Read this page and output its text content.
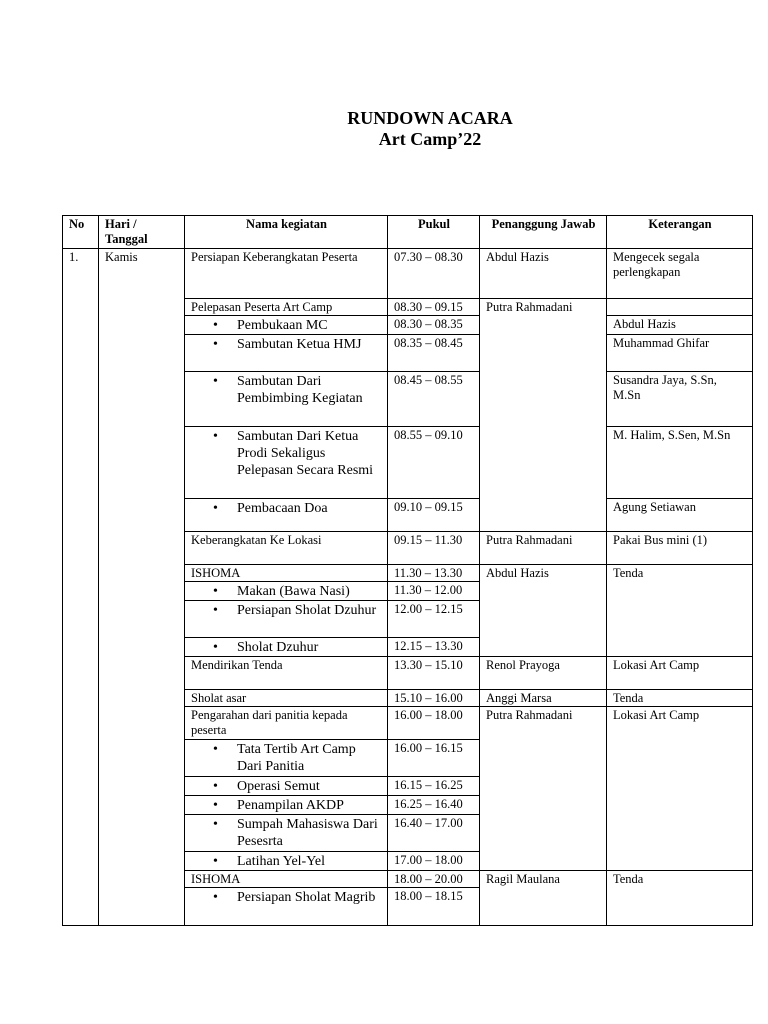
RUNDOWN ACARA
Art Camp’22
No	Hari / Tanggal	Nama kegiatan	Pukul	Penanggung Jawab	Keterangan
1.	Kamis	Persiapan Keberangkatan Peserta	07.30 – 08.30	Abdul Hazis	Mengecek segala perlengkapan
		Pelepasan Peserta Art Camp	08.30 – 09.15	Putra Rahmadani	

		• Pembukaan MC	08.30 – 08.35		Abdul Hazis

		• Sambutan Ketua HMJ	08.35 – 08.45		Muhammad Ghifar

		• Sambutan Dari Pembimbing Kegiatan	08.45 – 08.55		Susandra Jaya, S.Sn, M.Sn

		• Sambutan Dari Ketua Prodi Sekaligus Pelepasan Secara Resmi	08.55 – 09.10		M. Halim, S.Sen, M.Sn

		• Pembacaan Doa	09.10 – 09.15		Agung Setiawan
		Keberangkatan Ke Lokasi	09.15 – 11.30	Putra Rahmadani	Pakai Bus mini (1)
		ISHOMA	11.30 – 13.30	Abdul Hazis	Tenda

		• Makan (Bawa Nasi)	11.30 – 12.00		

		• Persiapan Sholat Dzuhur	12.00 – 12.15		

		• Sholat Dzuhur	12.15 – 13.30		
		Mendirikan Tenda	13.30 – 15.10	Renol Prayoga	Lokasi Art Camp
		Sholat asar	15.10 – 16.00	Anggi Marsa	Tenda
		Pengarahan dari panitia kepada peserta	16.00 – 18.00	Putra Rahmadani	Lokasi Art Camp

		• Tata Tertib Art Camp Dari Panitia	16.00 – 16.15		

		• Operasi Semut	16.15 – 16.25		

		• Penampilan AKDP	16.25 – 16.40		

		• Sumpah Mahasiswa Dari Pesesrta	16.40 – 17.00		

		• Latihan Yel-Yel	17.00 – 18.00		
		ISHOMA	18.00 – 20.00	Ragil Maulana	Tenda

		• Persiapan Sholat Magrib	18.00 – 18.15		
